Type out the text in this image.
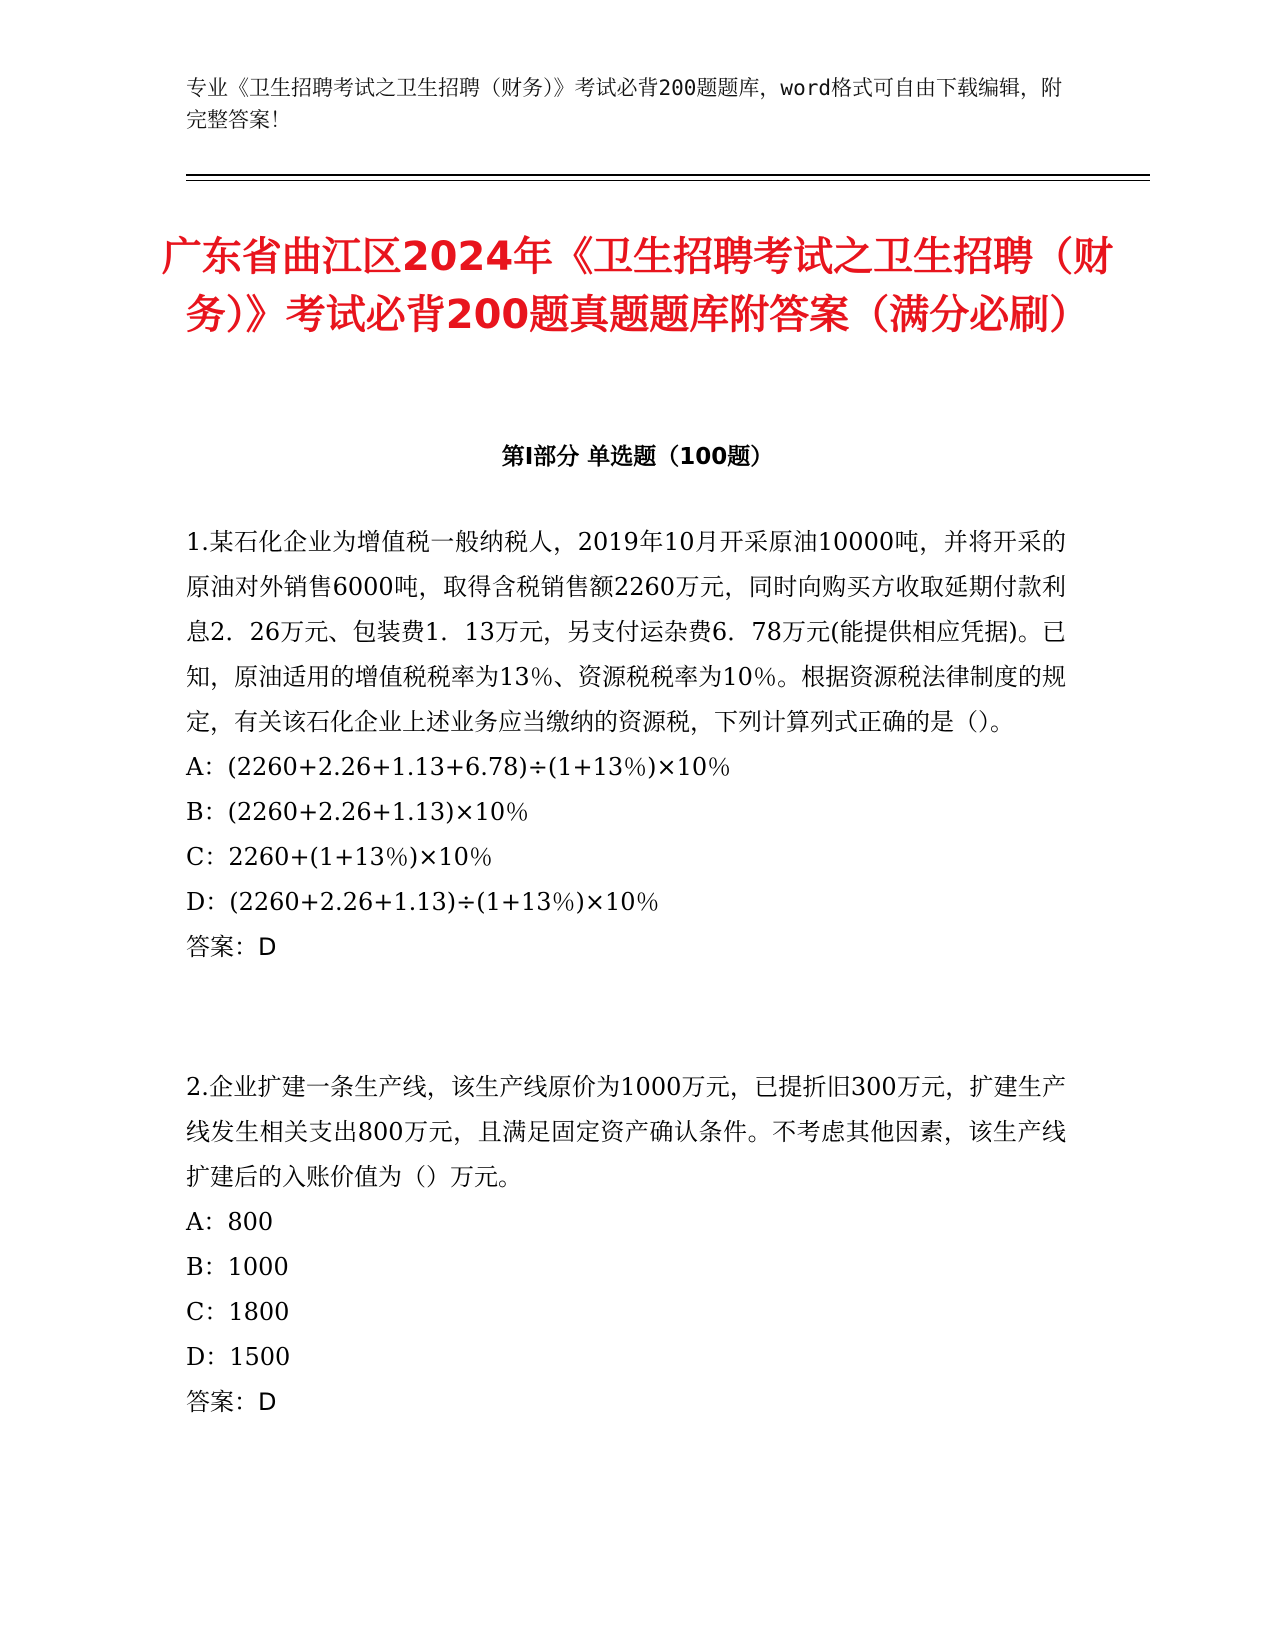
专业《卫生招聘考试之卫生招聘（财务）》考试必背200题题库，word格式可自由下载编辑，附完整答案！
广东省曲江区2024年《卫生招聘考试之卫生招聘（财务）》考试必背200题真题题库附答案（满分必刷）
第Ⅰ部分 单选题（100题）
1.某石化企业为增值税一般纳税人，2019年10月开采原油10000吨，并将开采的原油对外销售6000吨，取得含税销售额2260万元，同时向购买方收取延期付款利息2．26万元、包装费1．13万元，另支付运杂费6．78万元(能提供相应凭据)。已知，原油适用的增值税税率为13％、资源税税率为10％。根据资源税法律制度的规定，有关该石化企业上述业务应当缴纳的资源税，下列计算列式正确的是（）。
A：(2260+2.26+1.13+6.78)÷(1+13％)×10％
B：(2260+2.26+1.13)×10％
C：2260+(1+13％)×10％
D：(2260+2.26+1.13)÷(1+13％)×10％
答案：D
2.企业扩建一条生产线，该生产线原价为1000万元，已提折旧300万元，扩建生产线发生相关支出800万元，且满足固定资产确认条件。不考虑其他因素，该生产线扩建后的入账价值为（）万元。
A：800
B：1000
C：1800
D：1500
答案：D
